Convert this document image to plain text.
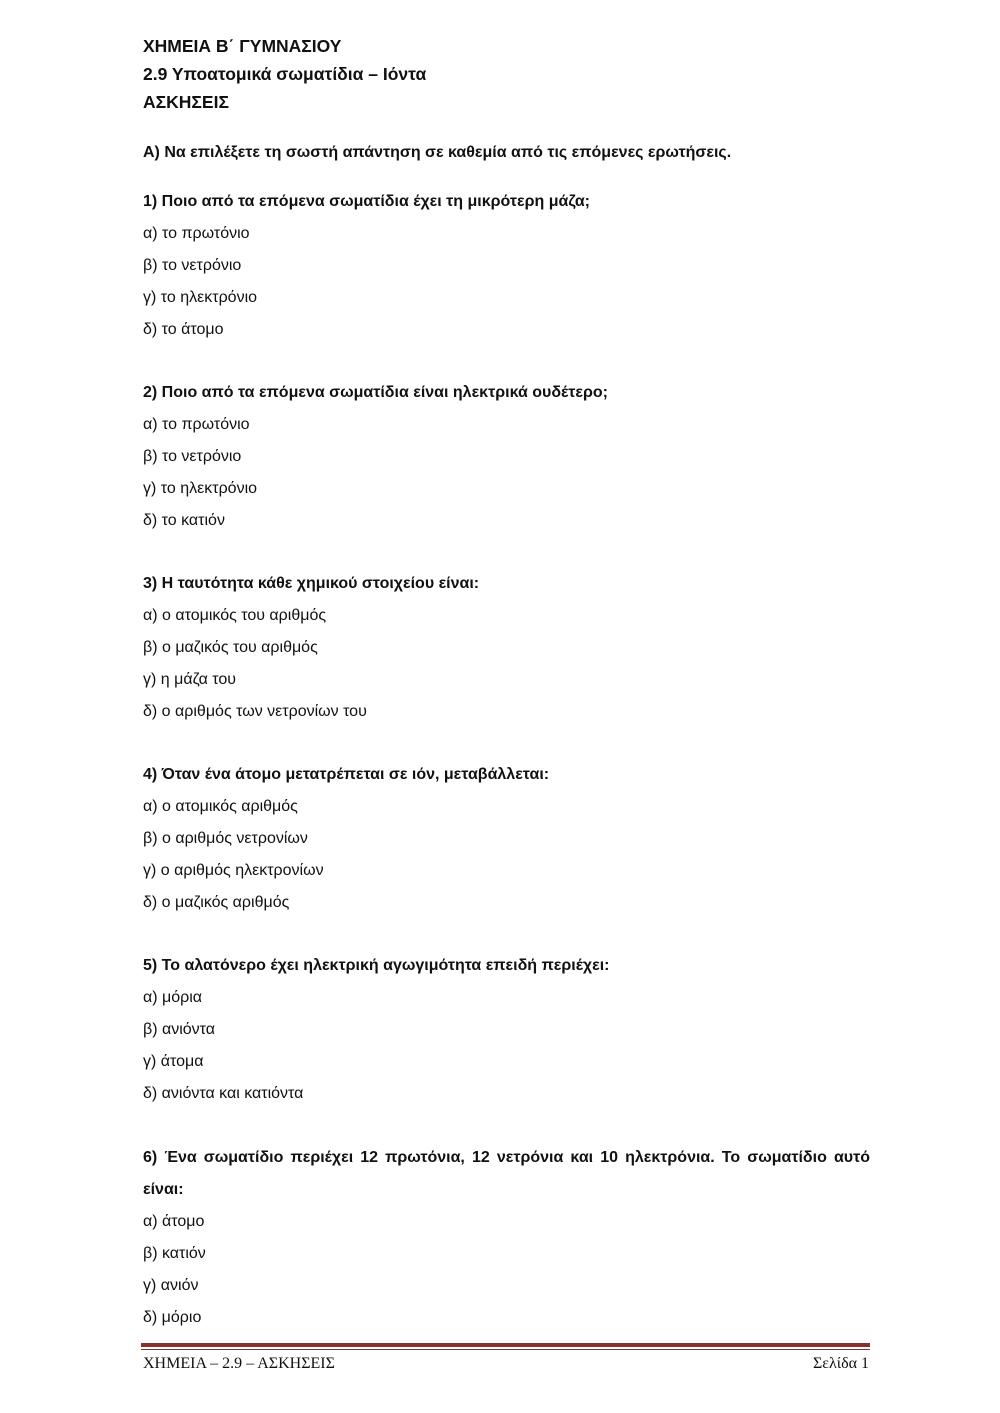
ΧΗΜΕΙΑ Β΄ ΓΥΜΝΑΣΙΟΥ
2.9 Υποατομικά σωματίδια – Ιόντα
ΑΣΚΗΣΕΙΣ
Α) Να επιλέξετε τη σωστή απάντηση σε καθεμία από τις επόμενες ερωτήσεις.
1) Ποιο από τα επόμενα σωματίδια έχει τη μικρότερη μάζα;
α) το πρωτόνιο
β) το νετρόνιο
γ) το ηλεκτρόνιο
δ) το άτομο
2) Ποιο από τα επόμενα σωματίδια είναι ηλεκτρικά ουδέτερο;
α) το πρωτόνιο
β) το νετρόνιο
γ) το ηλεκτρόνιο
δ) το κατιόν
3) Η ταυτότητα κάθε χημικού στοιχείου είναι:
α) ο ατομικός του αριθμός
β) ο μαζικός του αριθμός
γ) η μάζα του
δ) ο αριθμός των νετρονίων του
4) Όταν ένα άτομο μετατρέπεται σε ιόν, μεταβάλλεται:
α) ο ατομικός αριθμός
β) ο αριθμός νετρονίων
γ) ο αριθμός ηλεκτρονίων
δ) ο μαζικός αριθμός
5) Το αλατόνερο έχει ηλεκτρική αγωγιμότητα επειδή περιέχει:
α) μόρια
β) ανιόντα
γ) άτομα
δ) ανιόντα και κατιόντα
6) Ένα σωματίδιο περιέχει 12 πρωτόνια, 12 νετρόνια και 10 ηλεκτρόνια. Το σωματίδιο αυτό είναι:
α) άτομο
β) κατιόν
γ) ανιόν
δ) μόριο
ΧΗΜΕΙΑ – 2.9 – ΑΣΚΗΣΕΙΣ	Σελίδα 1
